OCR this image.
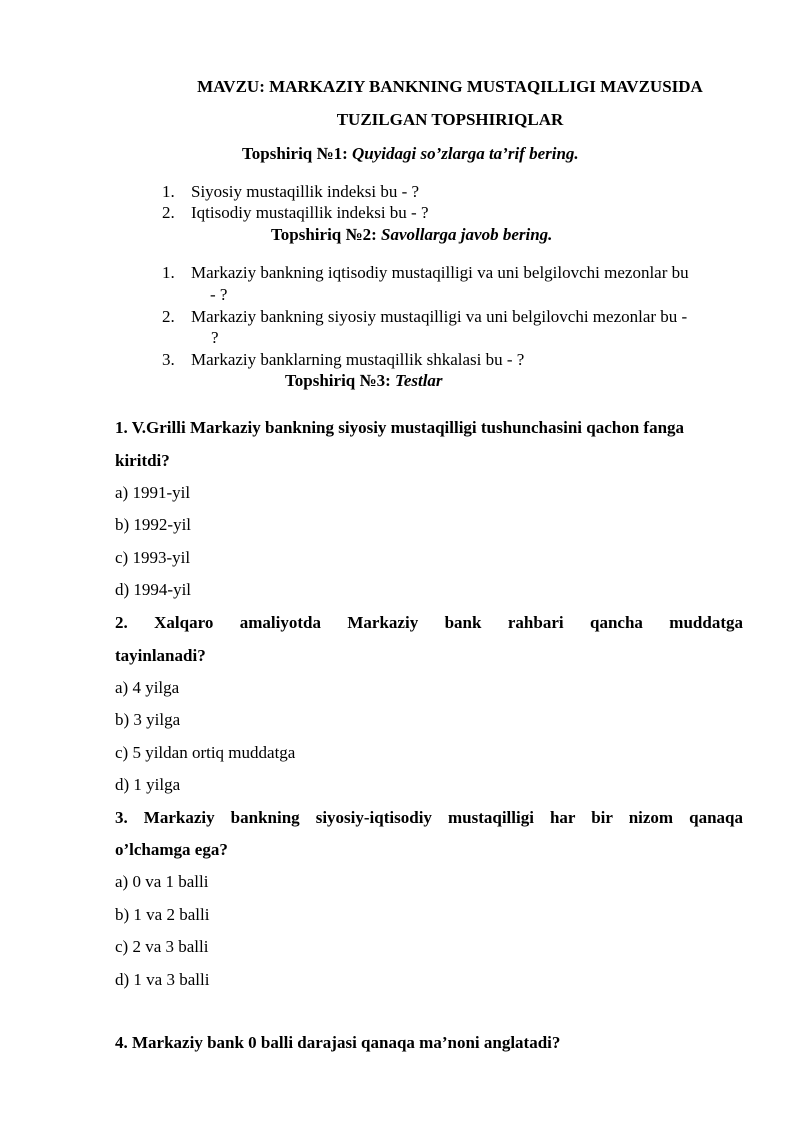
MAVZU: MARKAZIY BANKNING MUSTAQILLIGI MAVZUSIDA
TUZILGAN TOPSHIRIQLAR
Topshiriq №1: Quyidagi so’zlarga ta’rif bering.
1. Siyosiy mustaqillik indeksi bu - ?
2. Iqtisodiy mustaqillik indeksi bu - ?
Topshiriq №2: Savollarga javob bering.
1. Markaziy bankning iqtisodiy mustaqilligi va uni belgilovchi mezonlar bu
- ?
2. Markaziy bankning siyosiy mustaqilligi va uni belgilovchi mezonlar bu -
?
3. Markaziy banklarning mustaqillik shkalasi bu - ?
Topshiriq №3: Testlar
1. V.Grilli Markaziy bankning siyosiy mustaqilligi tushunchasini qachon fanga
kiritdi?
a) 1991-yil
b) 1992-yil
c) 1993-yil
d) 1994-yil
2. Xalqaro amaliyotda Markaziy bank rahbari qancha muddatga
tayinlanadi?
a) 4 yilga
b) 3 yilga
c) 5 yildan ortiq muddatga
d) 1 yilga
3. Markaziy bankning siyosiy-iqtisodiy mustaqilligi har bir nizom qanaqa
o’lchamga ega?
a) 0 va 1 balli
b) 1 va 2 balli
c) 2 va 3 balli
d) 1 va 3 balli
4. Markaziy bank 0 balli darajasi qanaqa ma’noni anglatadi?
